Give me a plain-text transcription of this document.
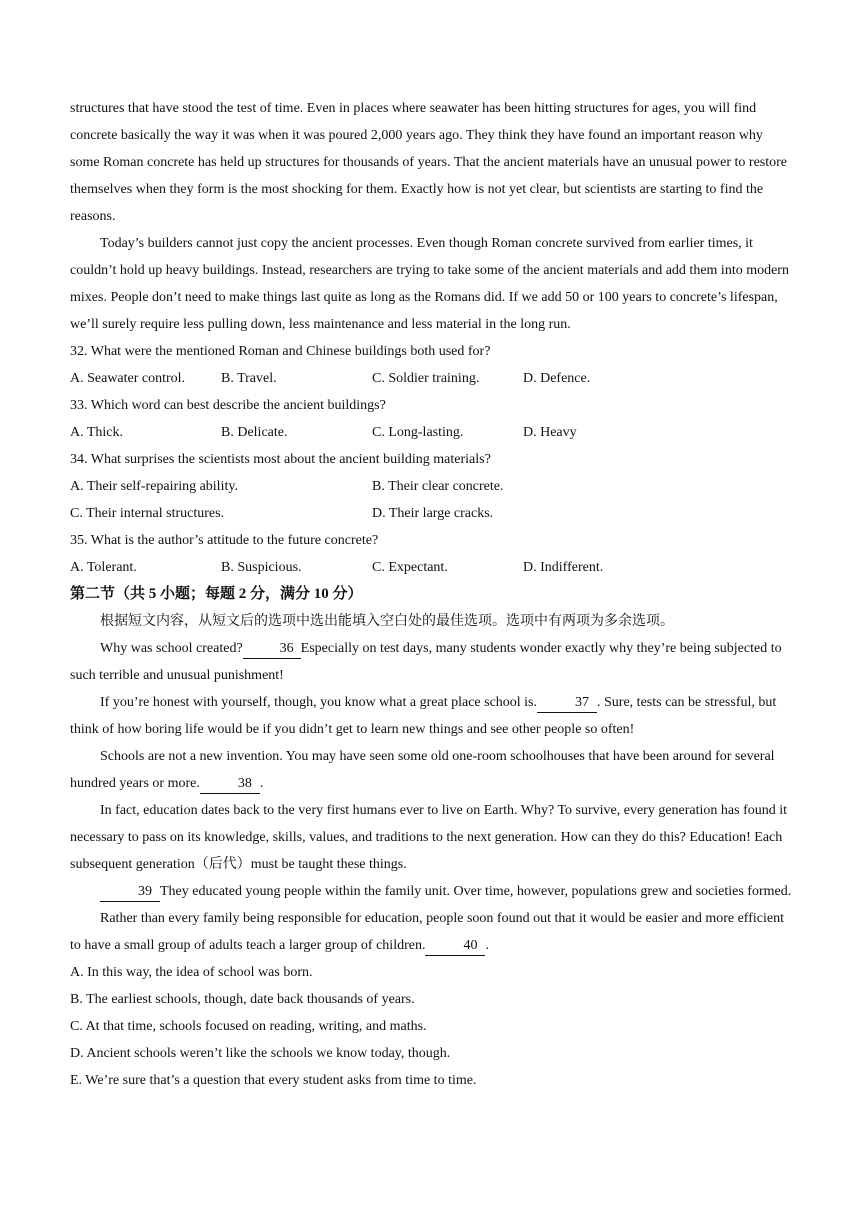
structures that have stood the test of time. Even in places where seawater has been hitting structures for ages, you will find concrete basically the way it was when it was poured 2,000 years ago. They think they have found an important reason why some Roman concrete has held up structures for thousands of years. That the ancient materials have an unusual power to restore themselves when they form is the most shocking for them. Exactly how is not yet clear, but scientists are starting to find the reasons.

Today’s builders cannot just copy the ancient processes. Even though Roman concrete survived from earlier times, it couldn’t hold up heavy buildings. Instead, researchers are trying to take some of the ancient materials and add them into modern mixes. People don’t need to make things last quite as long as the Romans did. If we add 50 or 100 years to concrete’s lifespan, we’ll surely require less pulling down, less maintenance and less material in the long run.

32. What were the mentioned Roman and Chinese buildings both used for?

A. Seawater control.	B. Travel.	C. Soldier training.	D. Defence.

33. Which word can best describe the ancient buildings?

A. Thick.	B. Delicate.	C. Long-lasting.	D. Heavy

34. What surprises the scientists most about the ancient building materials?

A. Their self-repairing ability.	B. Their clear concrete.
C. Their internal structures.	D. Their large cracks.

35. What is the author’s attitude to the future concrete?

A. Tolerant.	B. Suspicious.	C. Expectant.	D. Indifferent.

第二节（共 5 小题；每题 2 分，满分 10 分）

根据短文内容，从短文后的选项中选出能填入空白处的最佳选项。选项中有两项为多余选项。

Why was school created?	36 Especially on test days, many students wonder exactly why they’re being subjected to such terrible and unusual punishment!

If you’re honest with yourself, though, you know what a great place school is.	37 . Sure, tests can be stressful, but think of how boring life would be if you didn’t get to learn new things and see other people so often!

Schools are not a new invention. You may have seen some old one-room schoolhouses that have been around for several hundred years or more.	38 .

In fact, education dates back to the very first humans ever to live on Earth. Why? To survive, every generation has found it necessary to pass on its knowledge, skills, values, and traditions to the next generation. How can they do this? Education! Each subsequent generation（后代）must be taught these things.

39 They educated young people within the family unit. Over time, however, populations grew and societies formed.

Rather than every family being responsible for education, people soon found out that it would be easier and more efficient to have a small group of adults teach a larger group of children.	40 .

A. In this way, the idea of school was born.

B. The earliest schools, though, date back thousands of years.

C. At that time, schools focused on reading, writing, and maths.

D. Ancient schools weren’t like the schools we know today, though.

E. We’re sure that’s a question that every student asks from time to time.
